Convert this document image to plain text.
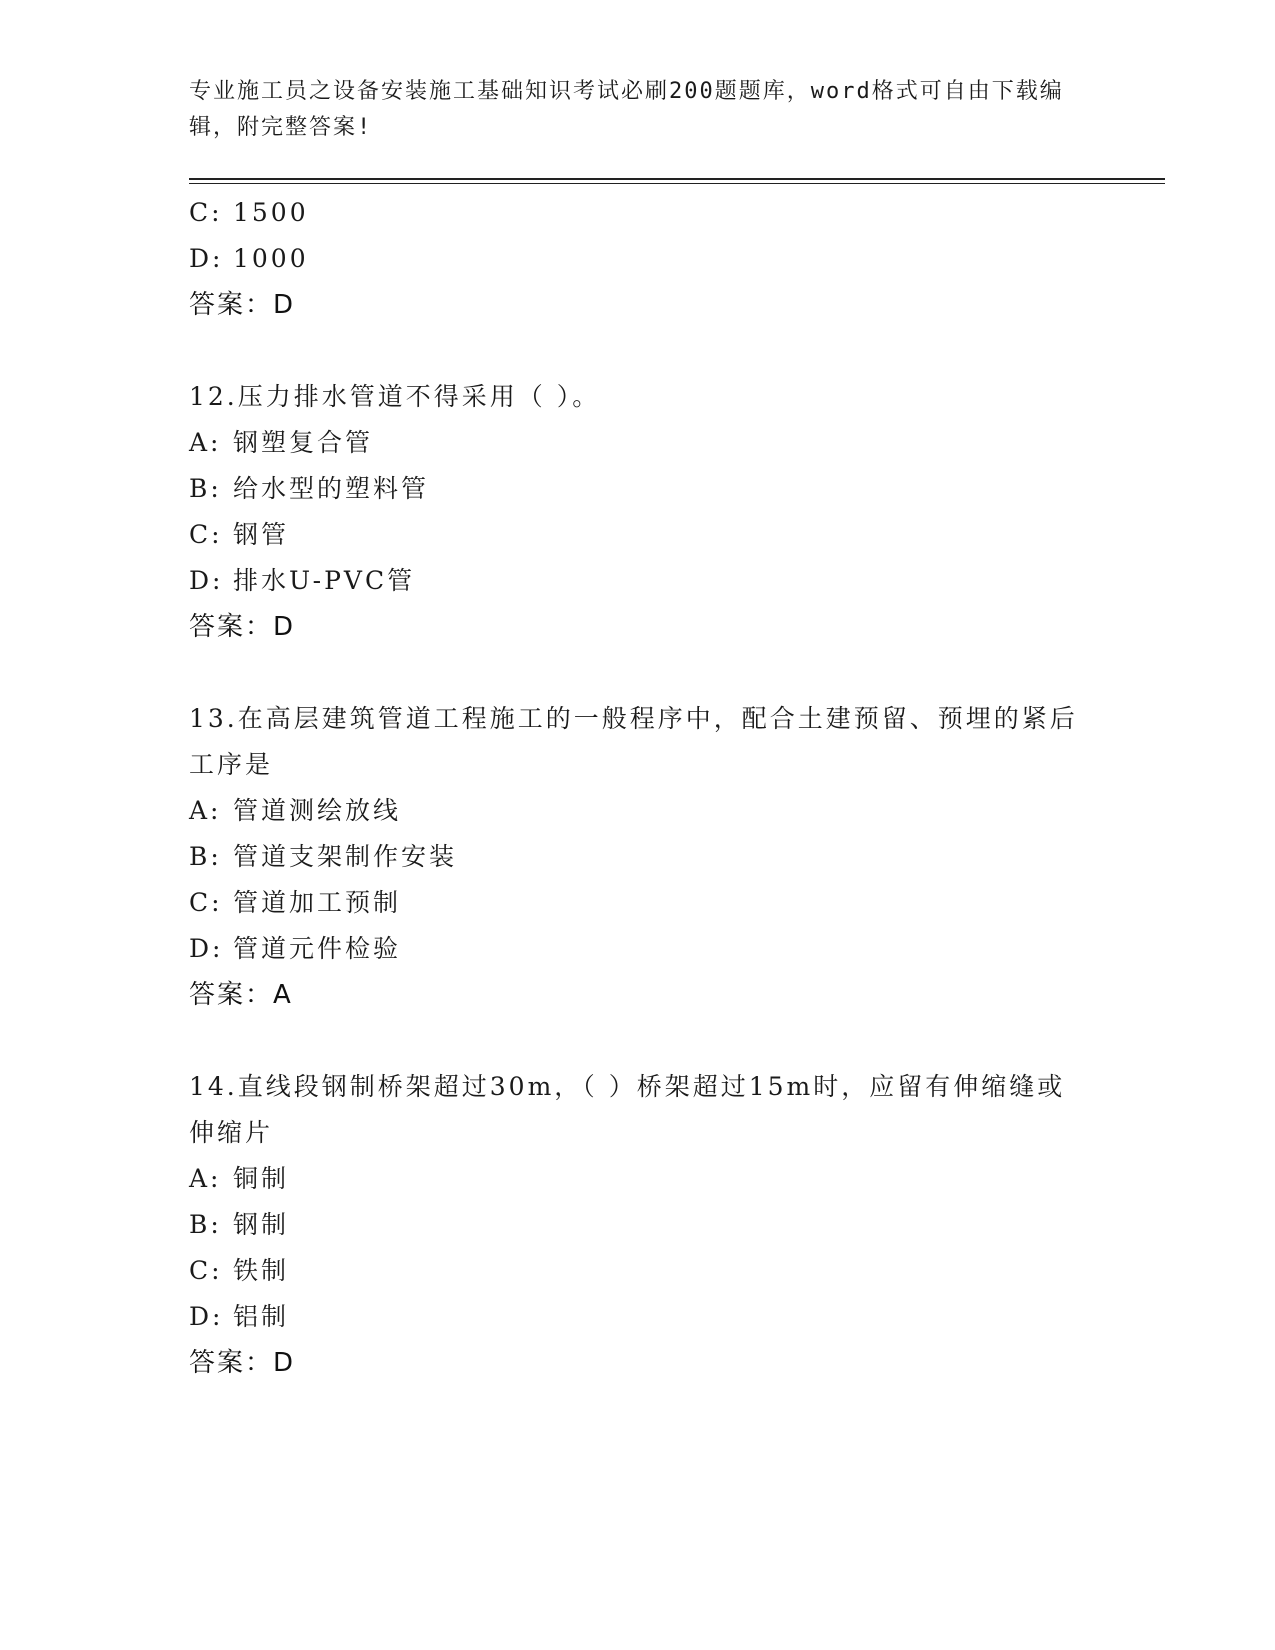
专业施工员之设备安装施工基础知识考试必刷200题题库，word格式可自由下载编辑，附完整答案!
C: 1500
D: 1000
答案：D
12.压力排水管道不得采用（ ）。
A: 钢塑复合管
B: 给水型的塑料管
C: 钢管
D: 排水U-PVC管
答案：D
13.在高层建筑管道工程施工的一般程序中，配合土建预留、预埋的紧后工序是
A: 管道测绘放线
B: 管道支架制作安装
C: 管道加工预制
D: 管道元件检验
答案：A
14.直线段钢制桥架超过30m，（ ）桥架超过15m时，应留有伸缩缝或伸缩片
A: 铜制
B: 钢制
C: 铁制
D: 铝制
答案：D
